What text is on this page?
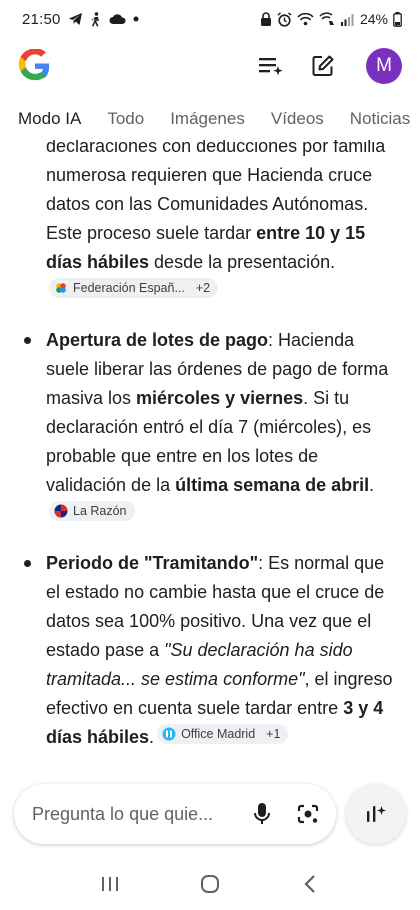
21:50	24%
M
Modo IA Todo Imágenes Vídeos Noticias

declaraciones con deducciones por familia numerosa requieren que Hacienda cruce datos con las Comunidades Autónomas. Este proceso suele tardar entre 10 y 15 días hábiles desde la presentación.
Federación Españ... +2

Apertura de lotes de pago: Hacienda suele liberar las órdenes de pago de forma masiva los miércoles y viernes. Si tu declaración entró el día 7 (miércoles), es probable que entre en los lotes de validación de la última semana de abril.
La Razón
Periodo de "Tramitando": Es normal que el estado no cambie hasta que el cruce de datos sea 100% positivo. Una vez que el estado pase a "Su declaración ha sido tramitada... se estima conforme", el ingreso efectivo en cuenta suele tardar entre 3 y 4 días hábiles. Office Madrid +1
Pregunta lo que quie...
